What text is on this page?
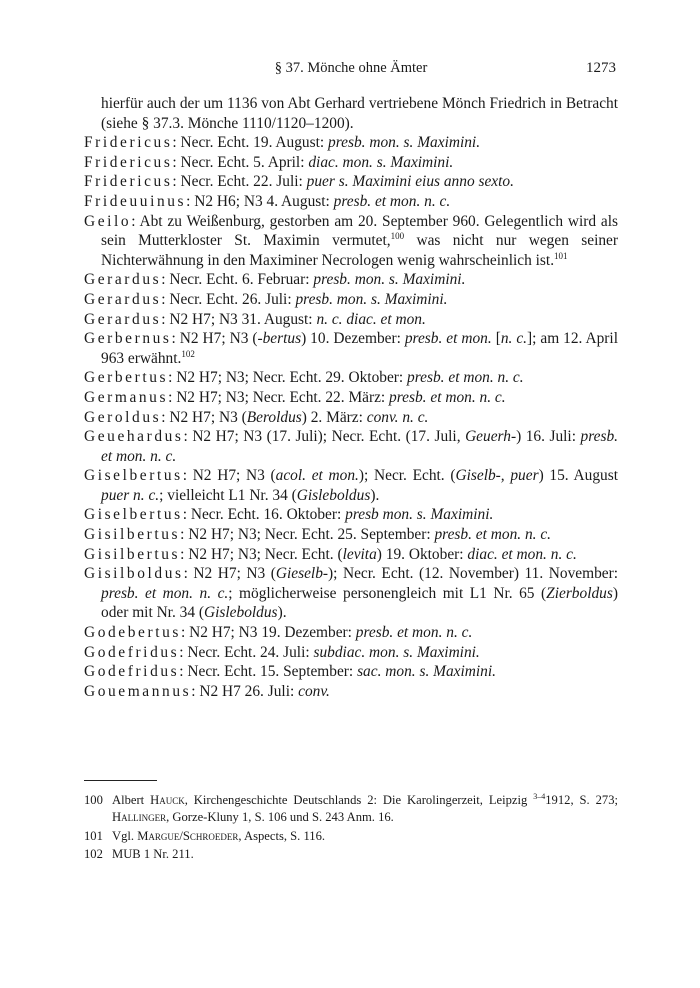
§ 37. Mönche ohne Ämter	1273

hierfür auch der um 1136 von Abt Gerhard vertriebene Mönch Friedrich in Betracht (siehe § 37.3. Mönche 1110/1120–1200).

Fridericus: Necr. Echt. 19. August: presb. mon. s. Maximini.

Fridericus: Necr. Echt. 5. April: diac. mon. s. Maximini.

Fridericus: Necr. Echt. 22. Juli: puer s. Maximini eius anno sexto.

Frideuuinus: N2 H6; N3 4. August: presb. et mon. n. c.

Geilo: Abt zu Weißenburg, gestorben am 20. September 960. Gelegentlich wird als sein Mutterkloster St. Maximin vermutet,$^{100}$ was nicht nur wegen seiner Nichterwähnung in den Maximiner Necrologen wenig wahrscheinlich ist.$^{101}$

Gerardus: Necr. Echt. 6. Februar: presb. mon. s. Maximini.

Gerardus: Necr. Echt. 26. Juli: presb. mon. s. Maximini.

Gerardus: N2 H7; N3 31. August: n. c. diac. et mon.

Gerbernus: N2 H7; N3 (-bertus) 10. Dezember: presb. et mon. [n. c.]; am 12. April 963 erwähnt.$^{102}$

Gerbertus: N2 H7; N3; Necr. Echt. 29. Oktober: presb. et mon. n. c.

Germanus: N2 H7; N3; Necr. Echt. 22. März: presb. et mon. n. c.

Geroldus: N2 H7; N3 (Beroldus) 2. März: conv. n. c.

Geuehardus: N2 H7; N3 (17. Juli); Necr. Echt. (17. Juli, Geuerh-) 16. Juli: presb. et mon. n. c.

Giselbertus: N2 H7; N3 (acol. et mon.); Necr. Echt. (Giselb-, puer) 15. August puer n. c.; vielleicht L1 Nr. 34 (Gisleboldus).

Giselbertus: Necr. Echt. 16. Oktober: presb mon. s. Maximini.

Gisilbertus: N2 H7; N3; Necr. Echt. 25. September: presb. et mon. n. c.

Gisilbertus: N2 H7; N3; Necr. Echt. (levita) 19. Oktober: diac. et mon. n. c.

Gisilboldus: N2 H7; N3 (Gieselb-); Necr. Echt. (12. November) 11. November: presb. et mon. n. c.; möglicherweise personengleich mit L1 Nr. 65 (Zierboldus) oder mit Nr. 34 (Gisleboldus).

Godebertus: N2 H7; N3 19. Dezember: presb. et mon. n. c.

Godefridus: Necr. Echt. 24. Juli: subdiac. mon. s. Maximini.

Godefridus: Necr. Echt. 15. September: sac. mon. s. Maximini.

Gouemannus: N2 H7 26. Juli: conv.

100 Albert Hauck, Kirchengeschichte Deutschlands 2: Die Karolingerzeit, Leipzig $^{3-4}$1912, S. 273; Hallinger, Gorze-Kluny 1, S. 106 und S. 243 Anm. 16.

101 Vgl. Margue/Schroeder, Aspects, S. 116.

102 MUB 1 Nr. 211.
